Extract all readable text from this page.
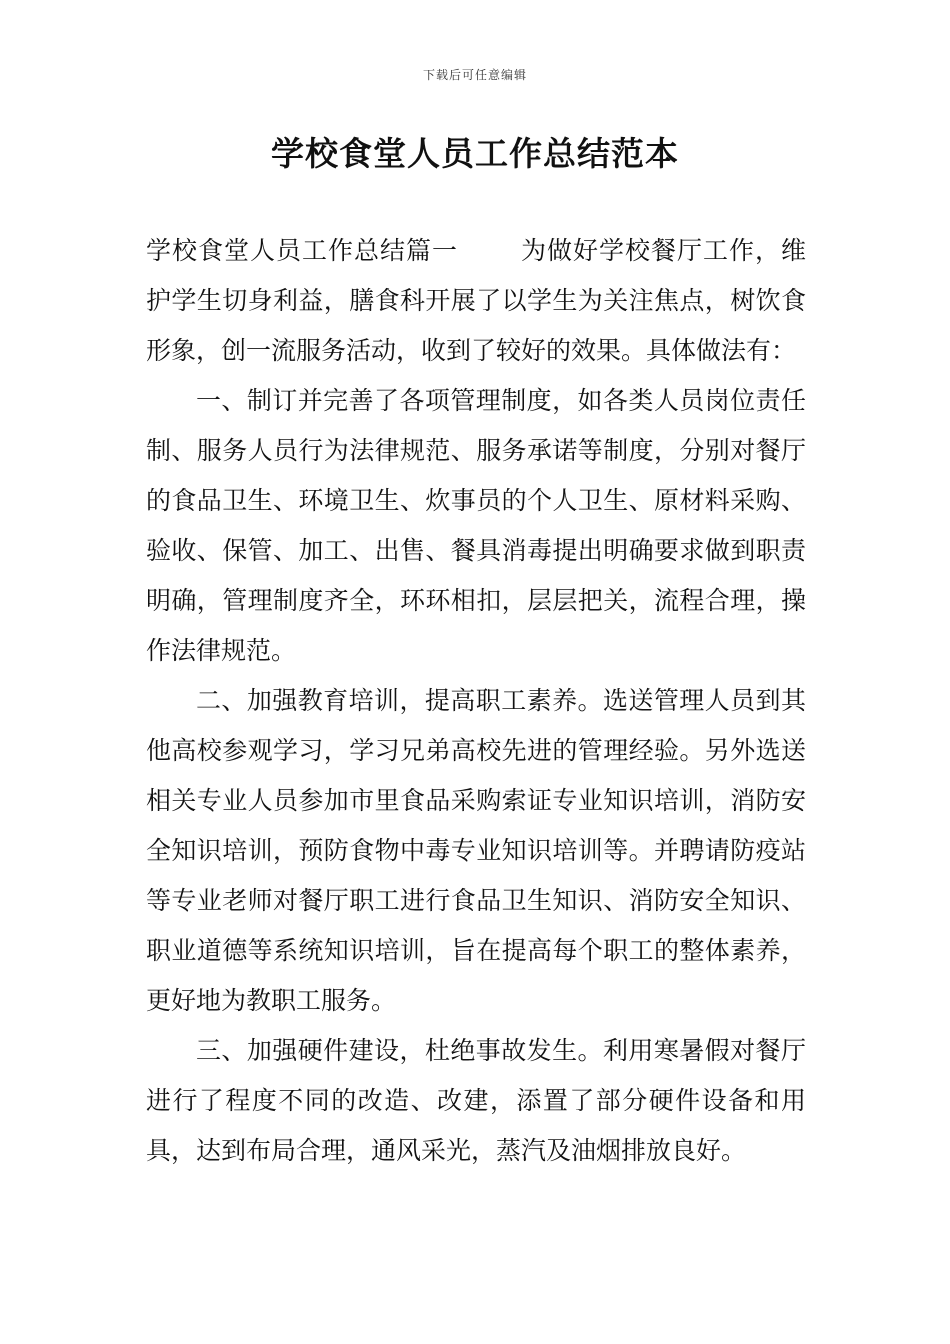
下载后可任意编辑
学校食堂人员工作总结范本

学校食堂人员工作总结篇一 为做好学校餐厅工作，维护学生切身利益，膳食科开展了以学生为关注焦点，树饮食形象，创一流服务活动，收到了较好的效果。具体做法有：

一、制订并完善了各项管理制度，如各类人员岗位责任制、服务人员行为法律规范、服务承诺等制度，分别对餐厅的食品卫生、环境卫生、炊事员的个人卫生、原材料采购、验收、保管、加工、出售、餐具消毒提出明确要求做到职责明确，管理制度齐全，环环相扣，层层把关，流程合理，操作法律规范。

二、加强教育培训，提高职工素养。选送管理人员到其他高校参观学习，学习兄弟高校先进的管理经验。另外选送相关专业人员参加市里食品采购索证专业知识培训，消防安全知识培训，预防食物中毒专业知识培训等。并聘请防疫站等专业老师对餐厅职工进行食品卫生知识、消防安全知识、职业道德等系统知识培训，旨在提高每个职工的整体素养，更好地为教职工服务。

三、加强硬件建设，杜绝事故发生。利用寒暑假对餐厅进行了程度不同的改造、改建，添置了部分硬件设备和用具，达到布局合理，通风采光，蒸汽及油烟排放良好。
